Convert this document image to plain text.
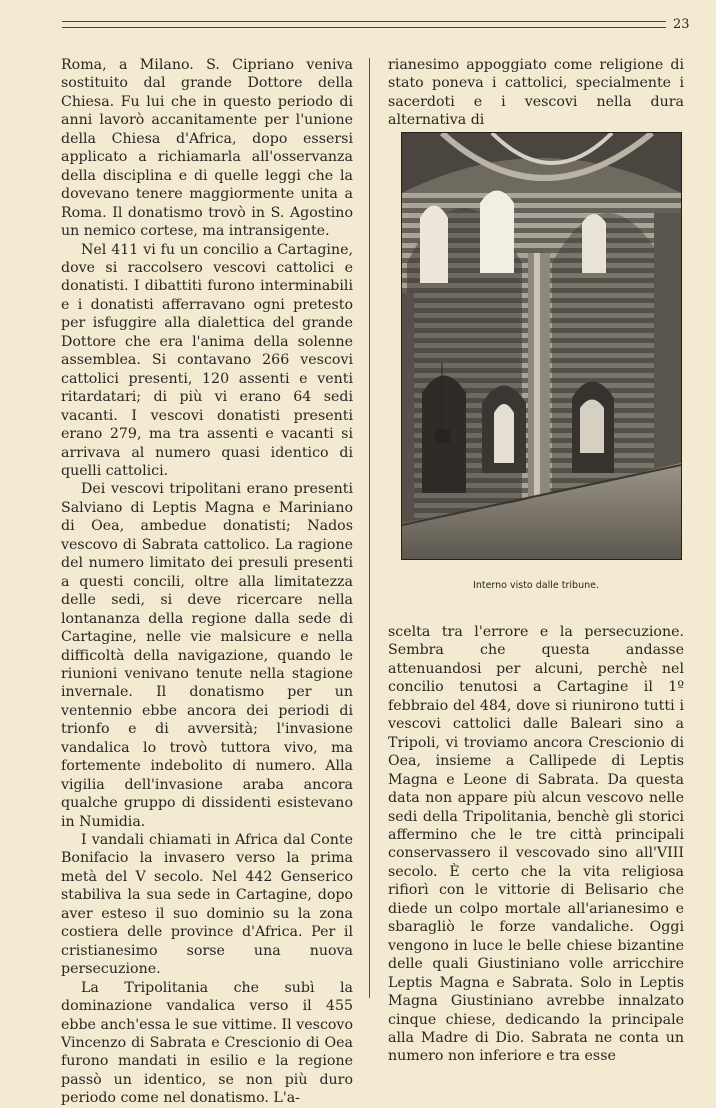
23

Roma, a Milano. S. Cipriano veniva sostituito dal grande Dottore della Chiesa. Fu lui che in questo periodo di anni lavorò accanitamente per l'unione della Chiesa d'Africa, dopo essersi applicato a richiamarla all'osservanza della disciplina e di quelle leggi che la dovevano tenere maggiormente unita a Roma. Il donatismo trovò in S. Agostino un nemico cortese, ma intransigente.

Nel 411 vi fu un concilio a Cartagine, dove si raccolsero vescovi cattolici e donatisti. I dibattiti furono interminabili e i donatisti afferravano ogni pretesto per isfuggire alla dialettica del grande Dottore che era l'anima della solenne assemblea. Si contavano 266 vescovi cattolici presenti, 120 assenti e venti ritardatari; di più vi erano 64 sedi vacanti. I vescovi donatisti presenti erano 279, ma tra assenti e vacanti si arrivava al numero quasi identico di quelli cattolici.

Dei vescovi tripolitani erano presenti Salviano di Leptis Magna e Mariniano di Oea, ambedue donatisti; Nados vescovo di Sabrata cattolico. La ragione del numero limitato dei presuli presenti a questi concili, oltre alla limitatezza delle sedi, si deve ricercare nella lontananza della regione dalla sede di Cartagine, nelle vie malsicure e nella difficoltà della navigazione, quando le riunioni venivano tenute nella stagione invernale. Il donatismo per un ventennio ebbe ancora dei periodi di trionfo e di avversità; l'invasione vandalica lo trovò tuttora vivo, ma fortemente indebolito di numero. Alla vigilia dell'invasione araba ancora qualche gruppo di dissidenti esistevano in Numidia.

I vandali chiamati in Africa dal Conte Bonifacio la invasero verso la prima metà del V secolo. Nel 442 Genserico stabiliva la sua sede in Cartagine, dopo aver esteso il suo dominio su la zona costiera delle province d'Africa. Per il cristianesimo sorse una nuova persecuzione.

La Tripolitania che subì la dominazione vandalica verso il 455 ebbe anch'essa le sue vittime. Il vescovo Vincenzo di Sabrata e Crescionio di Oea furono mandati in esilio e la regione passò un identico, se non più duro periodo come nel donatismo. L'a-

rianesimo appoggiato come religione di stato poneva i cattolici, specialmente i sacerdoti e i vescovi nella dura alternativa di

Interno visto dalle tribune.

scelta tra l'errore e la persecuzione. Sembra che questa andasse attenuandosi per alcuni, perchè nel concilio tenutosi a Cartagine il 1º febbraio del 484, dove si riunirono tutti i vescovi cattolici dalle Baleari sino a Tripoli, vi troviamo ancora Crescionio di Oea, insieme a Callipede di Leptis Magna e Leone di Sabrata. Da questa data non appare più alcun vescovo nelle sedi della Tripolitania, benchè gli storici affermino che le tre città principali conservassero il vescovado sino all'VIII secolo. È certo che la vita religiosa rifiorì con le vittorie di Belisario che diede un colpo mortale all'arianesimo e sbaragliò le forze vandaliche. Oggi vengono in luce le belle chiese bizantine delle quali Giustiniano volle arricchire Leptis Magna e Sabrata. Solo in Leptis Magna Giustiniano avrebbe innalzato cinque chiese, dedicando la principale alla Madre di Dio. Sabrata ne conta un numero non inferiore e tra esse
